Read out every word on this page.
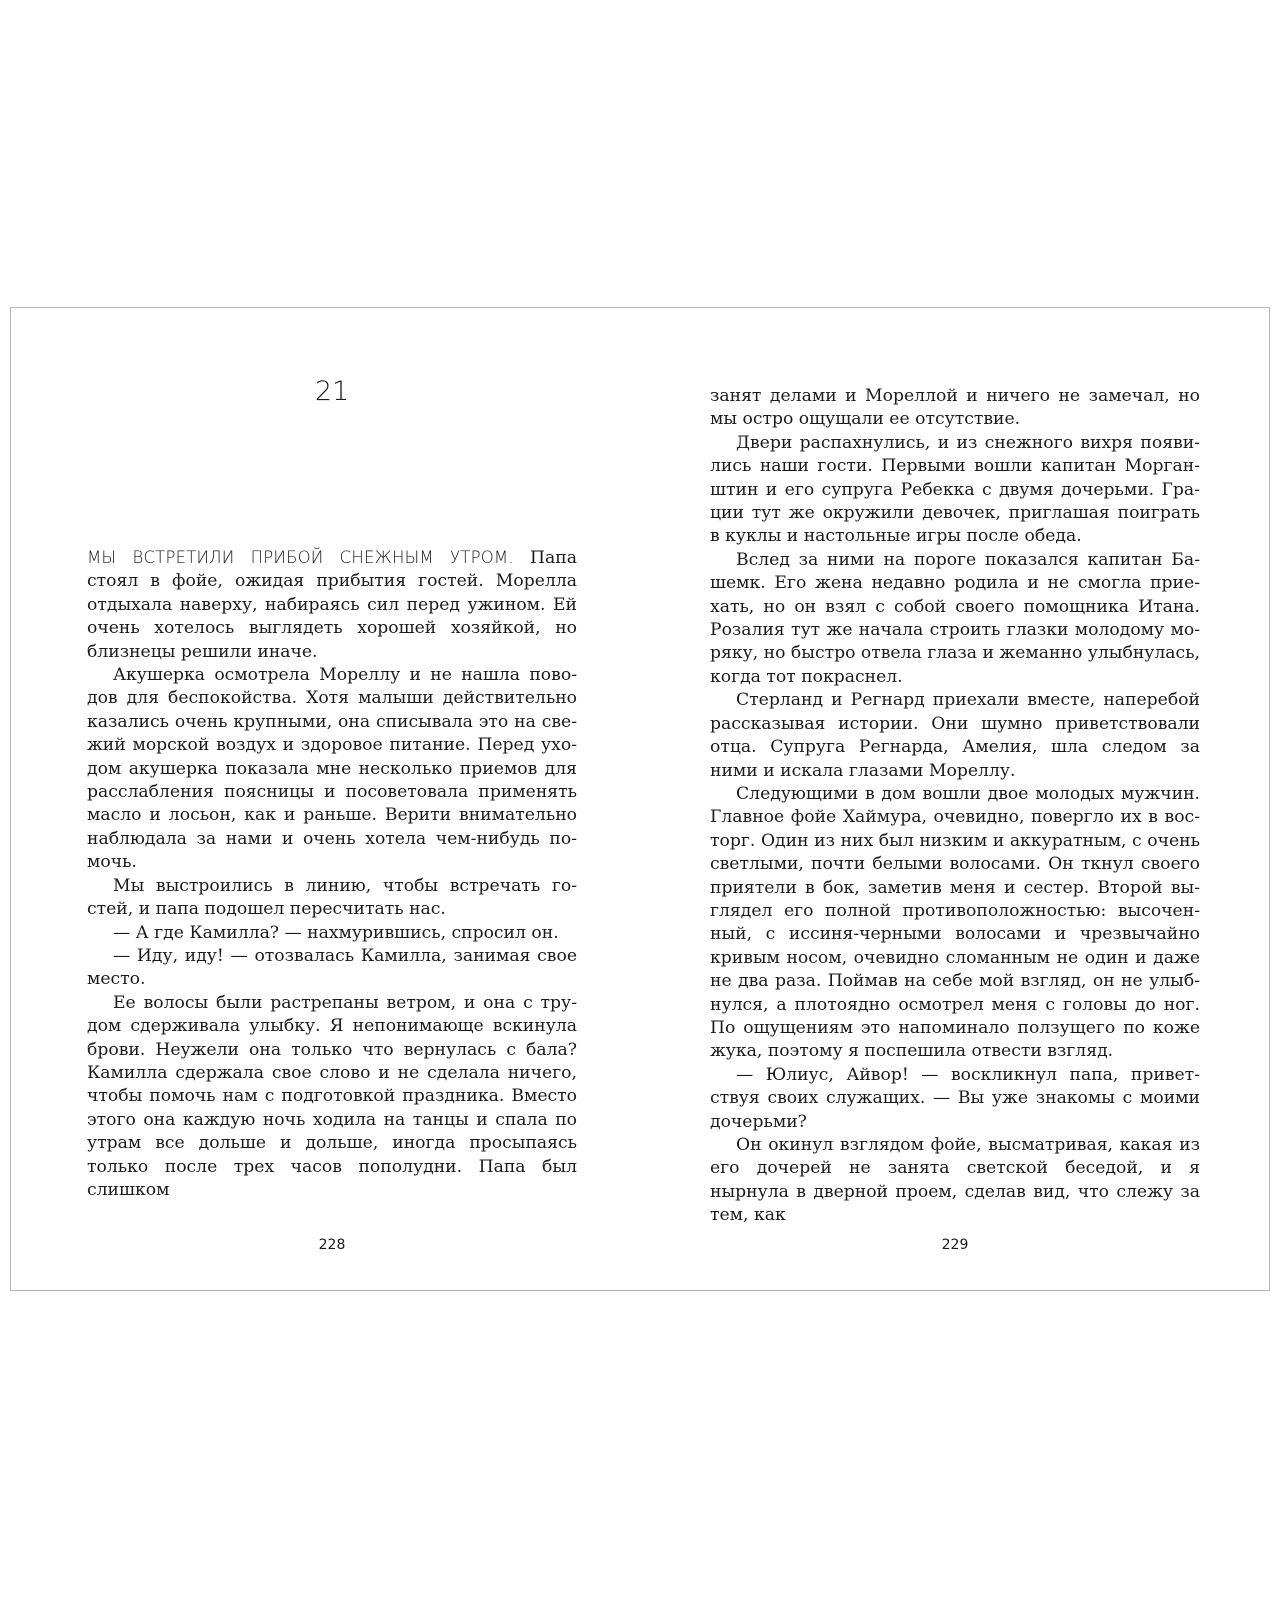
21

МЫ ВСТРЕТИЛИ ПРИБОЙ СНЕЖНЫМ УТРОМ. Папа стоял в фойе, ожидая прибытия гостей. Морелла отдыхала наверху, набираясь сил перед ужином. Ей очень хотелось выглядеть хорошей хозяйкой, но близнецы решили иначе.

Акушерка осмотрела Мореллу и не нашла поводов для беспокойства. Хотя малыши действительно казались очень крупными, она списывала это на свежий морской воздух и здоровое питание. Перед уходом акушерка показала мне несколько приемов для расслабления поясницы и посоветовала применять масло и лосьон, как и раньше. Верити внимательно наблюдала за нами и очень хотела чем-нибудь помочь.

Мы выстроились в линию, чтобы встречать гостей, и папа подошел пересчитать нас.

— А где Камилла? — нахмурившись, спросил он.

— Иду, иду! — отозвалась Камилла, занимая свое место.

Ее волосы были растрепаны ветром, и она с трудом сдерживала улыбку. Я непонимающе вскинула брови. Неужели она только что вернулась с бала? Камилла сдержала свое слово и не сделала ничего, чтобы помочь нам с подготовкой праздника. Вместо этого она каждую ночь ходила на танцы и спала по утрам все дольше и дольше, иногда просыпаясь только после трех часов пополудни. Папа был слишком

228

занят делами и Мореллой и ничего не замечал, но мы остро ощущали ее отсутствие.

Двери распахнулись, и из снежного вихря появились наши гости. Первыми вошли капитан Морганштин и его супруга Ребекка с двумя дочерьми. Грации тут же окружили девочек, приглашая поиграть в куклы и настольные игры после обеда.

Вслед за ними на пороге показался капитан Башемк. Его жена недавно родила и не смогла приехать, но он взял с собой своего помощника Итана. Розалия тут же начала строить глазки молодому моряку, но быстро отвела глаза и жеманно улыбнулась, когда тот покраснел.

Стерланд и Регнард приехали вместе, наперебой рассказывая истории. Они шумно приветствовали отца. Супруга Регнарда, Амелия, шла следом за ними и искала глазами Мореллу.

Следующими в дом вошли двое молодых мужчин. Главное фойе Хаймура, очевидно, повергло их в восторг. Один из них был низким и аккуратным, с очень светлыми, почти белыми волосами. Он ткнул своего приятели в бок, заметив меня и сестер. Второй выглядел его полной противоположностью: высоченный, с иссиня-черными волосами и чрезвычайно кривым носом, очевидно сломанным не один и даже не два раза. Поймав на себе мой взгляд, он не улыбнулся, а плотоядно осмотрел меня с головы до ног. По ощущениям это напоминало ползущего по коже жука, поэтому я поспешила отвести взгляд.

— Юлиус, Айвор! — воскликнул папа, приветствуя своих служащих. — Вы уже знакомы с моими дочерьми?

Он окинул взглядом фойе, высматривая, какая из его дочерей не занята светской беседой, и я нырнула в дверной проем, сделав вид, что слежу за тем, как

229
